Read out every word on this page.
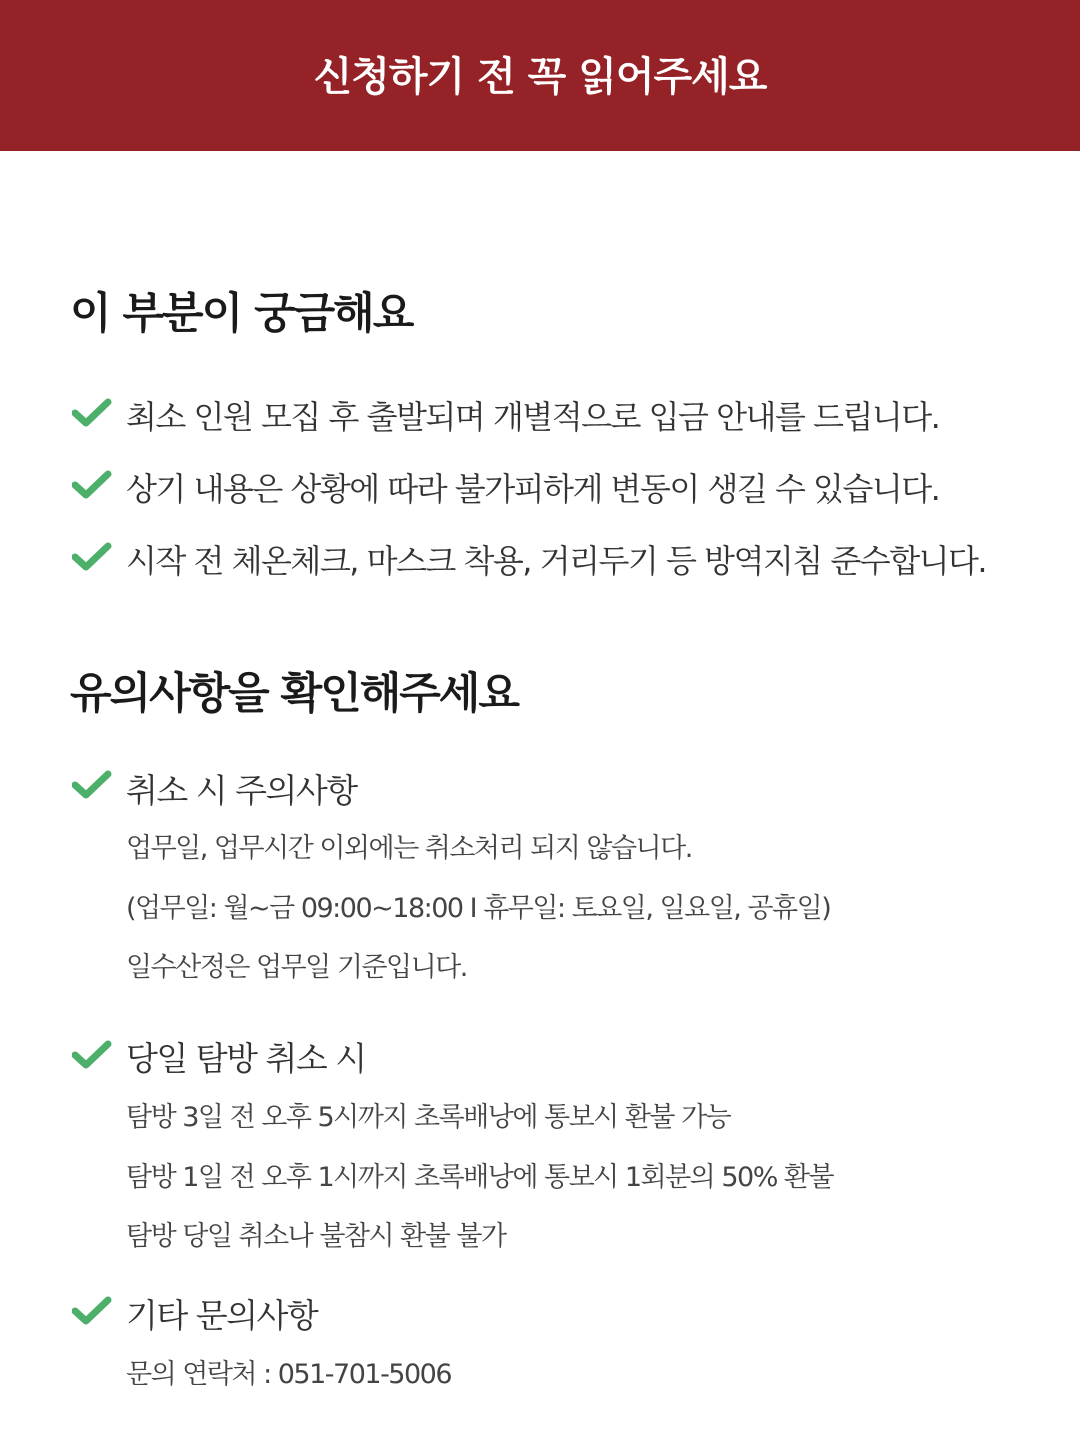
신청하기 전 꼭 읽어주세요
이 부분이 궁금해요
최소 인원 모집 후 출발되며 개별적으로 입금 안내를 드립니다.
상기 내용은 상황에 따라 불가피하게 변동이 생길 수 있습니다.
시작 전 체온체크, 마스크 착용, 거리두기 등 방역지침 준수합니다.
유의사항을 확인해주세요
취소 시 주의사항
업무일, 업무시간 이외에는 취소처리 되지 않습니다.
(업무일: 월~금 09:00~18:00 I 휴무일: 토요일, 일요일, 공휴일)
일수산정은 업무일 기준입니다.
당일 탐방 취소 시
탐방 3일 전 오후 5시까지 초록배낭에 통보시 환불 가능
탐방 1일 전 오후 1시까지 초록배낭에 통보시 1회분의 50% 환불
탐방 당일 취소나 불참시 환불 불가
기타 문의사항
문의 연락처 : 051-701-5006
